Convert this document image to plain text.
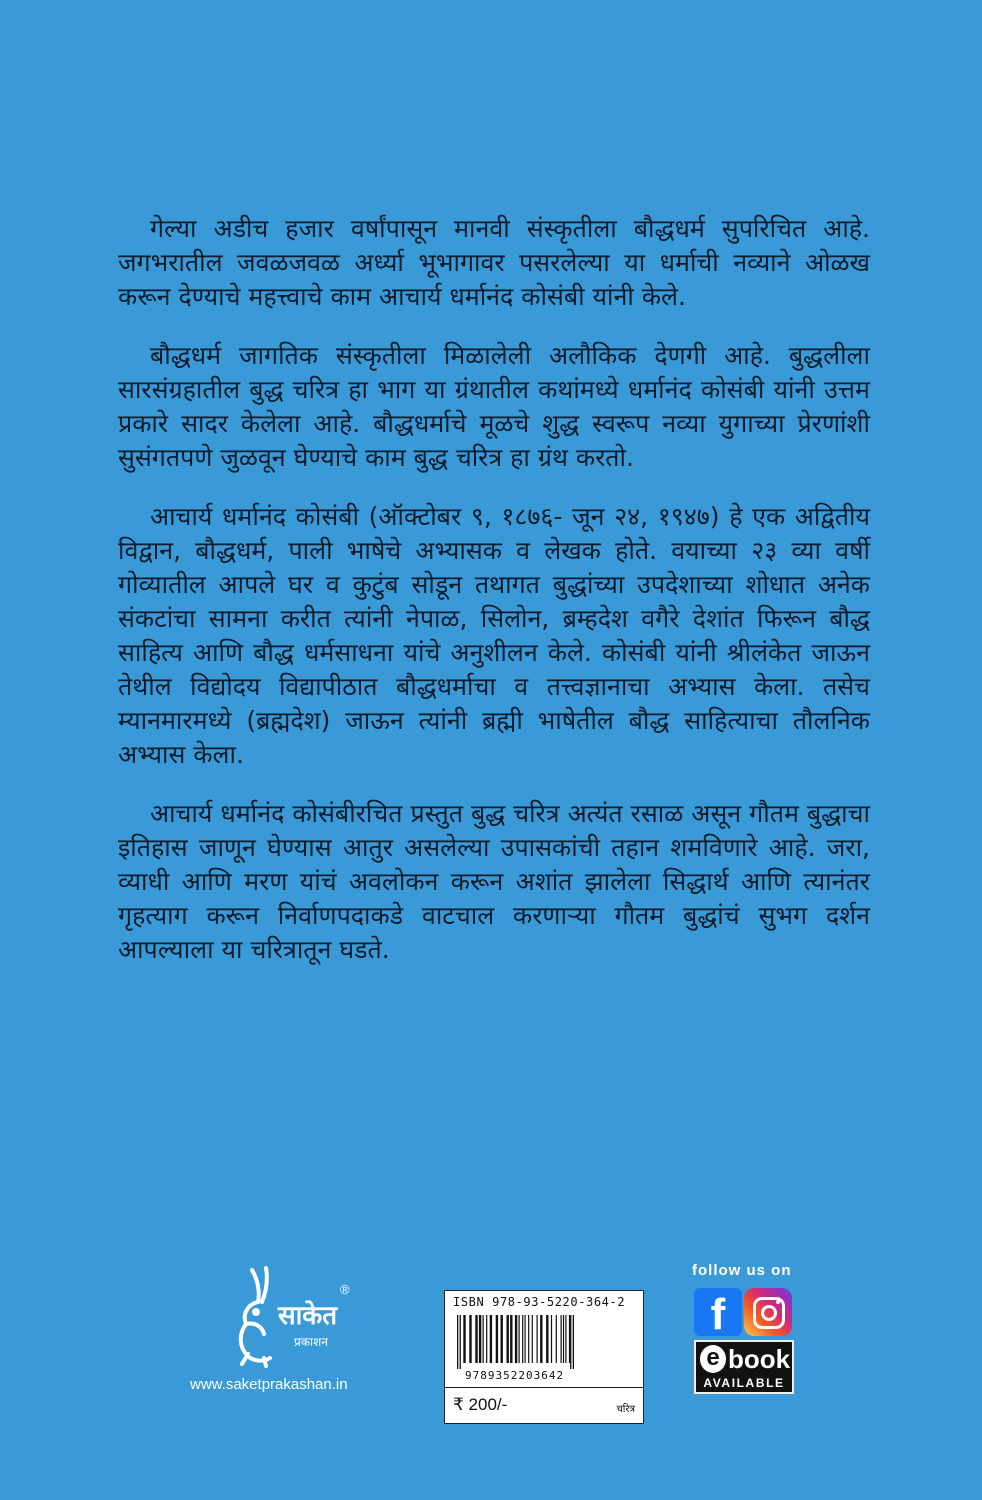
गेल्या अडीच हजार वर्षांपासून मानवी संस्कृतीला बौद्धधर्म सुपरिचित आहे. जगभरातील जवळजवळ अर्ध्या भूभागावर पसरलेल्या या धर्माची नव्याने ओळख करून देण्याचे महत्त्वाचे काम आचार्य धर्मानंद कोसंबी यांनी केले.

बौद्धधर्म जागतिक संस्कृतीला मिळालेली अलौकिक देणगी आहे. बुद्धलीला सारसंग्रहातील बुद्ध चरित्र हा भाग या ग्रंथातील कथांमध्ये धर्मानंद कोसंबी यांनी उत्तम प्रकारे सादर केलेला आहे. बौद्धधर्माचे मूळचे शुद्ध स्वरूप नव्या युगाच्या प्रेरणांशी सुसंगतपणे जुळवून घेण्याचे काम बुद्ध चरित्र हा ग्रंथ करतो.

आचार्य धर्मानंद कोसंबी (ऑक्टोबर ९, १८७६- जून २४, १९४७) हे एक अद्वितीय विद्वान, बौद्धधर्म, पाली भाषेचे अभ्यासक व लेखक होते. वयाच्या २३ व्या वर्षी गोव्यातील आपले घर व कुटुंब सोडून तथागत बुद्धांच्या उपदेशाच्या शोधात अनेक संकटांचा सामना करीत त्यांनी नेपाळ, सिलोन, ब्रम्हदेश वगैरे देशांत फिरून बौद्ध साहित्य आणि बौद्ध धर्मसाधना यांचे अनुशीलन केले. कोसंबी यांनी श्रीलंकेत जाऊन तेथील विद्योदय विद्यापीठात बौद्धधर्माचा व तत्त्वज्ञानाचा अभ्यास केला. तसेच म्यानमारमध्ये (ब्रह्मदेश) जाऊन त्यांनी ब्रह्मी भाषेतील बौद्ध साहित्याचा तौलनिक अभ्यास केला.

आचार्य धर्मानंद कोसंबीरचित प्रस्तुत बुद्ध चरित्र अत्यंत रसाळ असून गौतम बुद्धाचा इतिहास जाणून घेण्यास आतुर असलेल्या उपासकांची तहान शमविणारे आहे. जरा, व्याधी आणि मरण यांचं अवलोकन करून अशांत झालेला सिद्धार्थ आणि त्यानंतर गृहत्याग करून निर्वाणपदाकडे वाटचाल करणाऱ्या गौतम बुद्धांचं सुभग दर्शन आपल्याला या चरित्रातून घडते.

साकेत
प्रकाशन
®
www.saketprakashan.in
ISBN 978-93-5220-364-2
9789352203642
₹ 200/-	चरित्र
follow us on
f
e book
AVAILABLE
